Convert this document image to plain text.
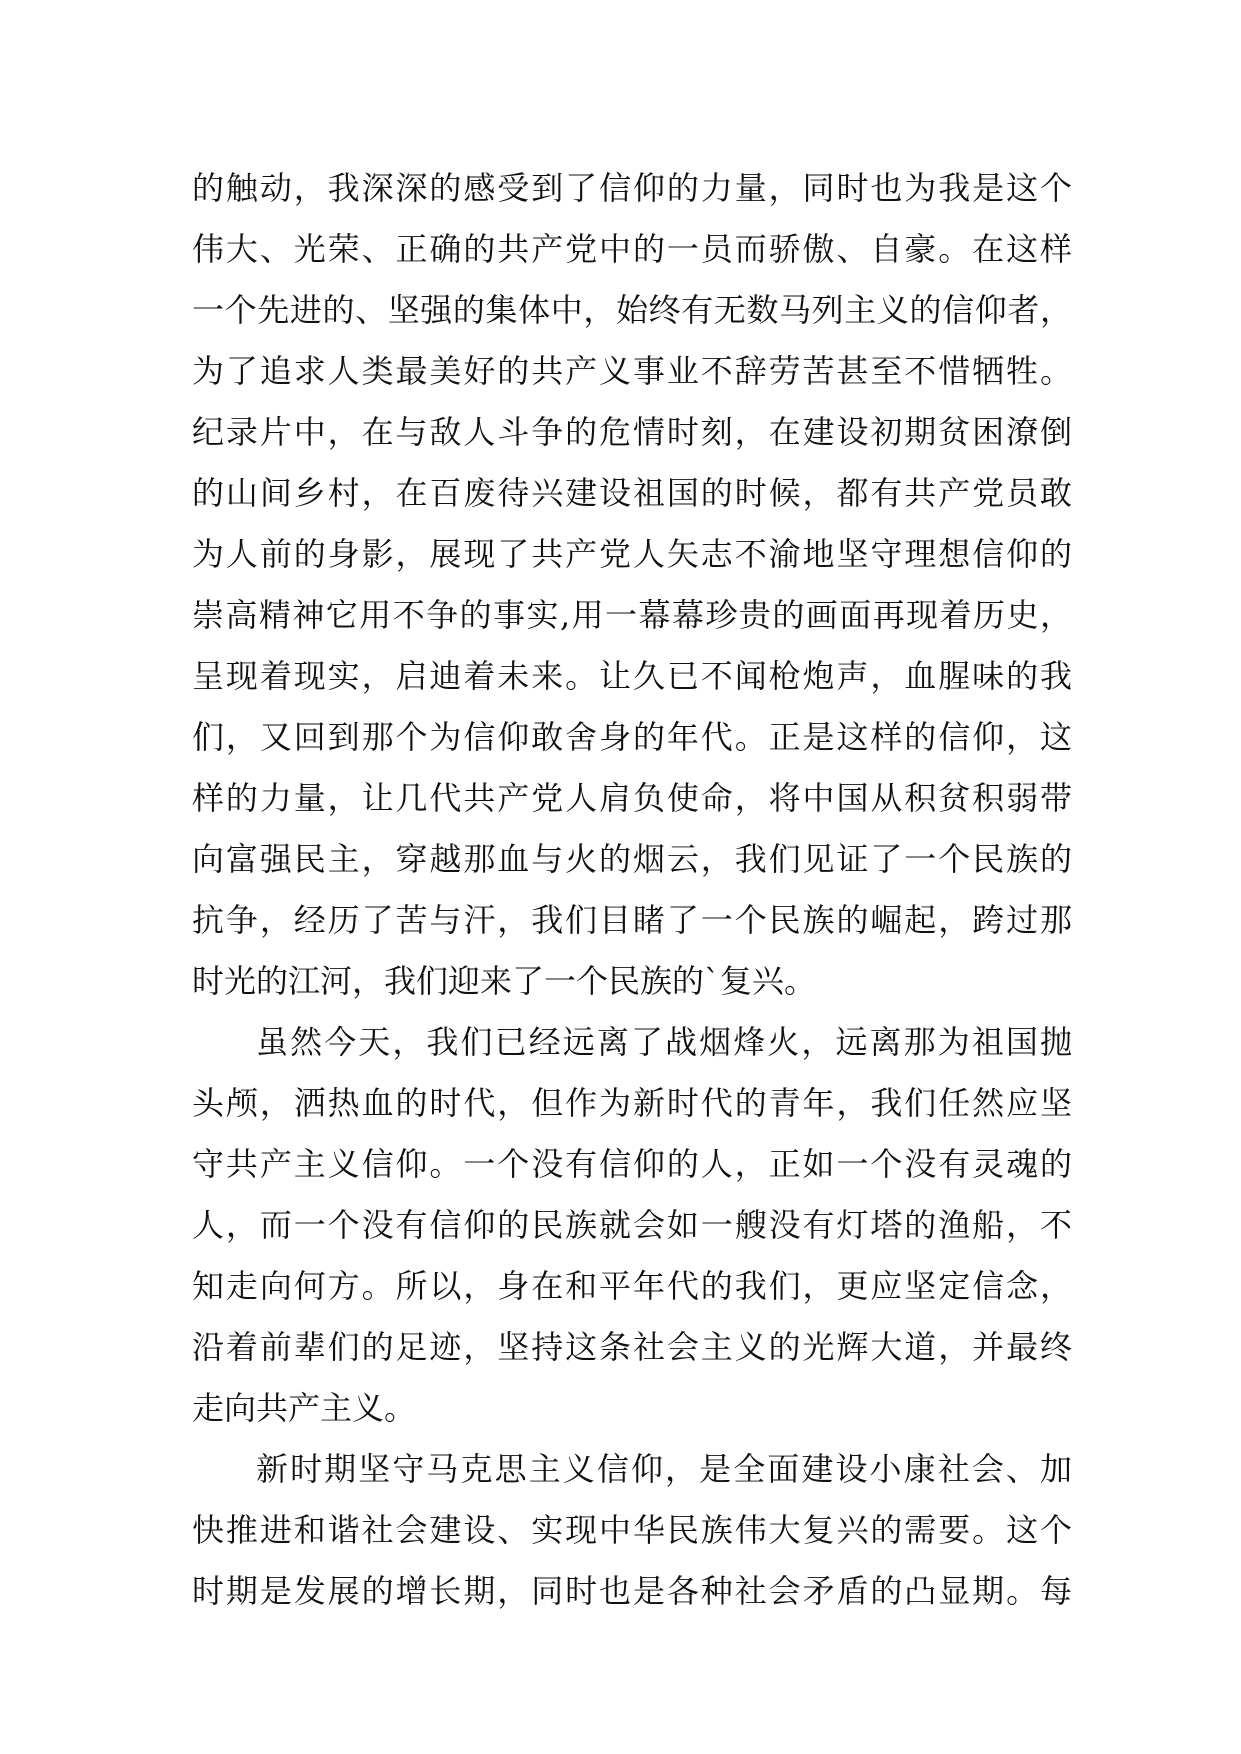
的触动，我深深的感受到了信仰的力量，同时也为我是这个
伟大、光荣、正确的共产党中的一员而骄傲、自豪。在这样
一个先进的、坚强的集体中，始终有无数马列主义的信仰者，
为了追求人类最美好的共产义事业不辞劳苦甚至不惜牺牲。
纪录片中，在与敌人斗争的危情时刻，在建设初期贫困潦倒
的山间乡村，在百废待兴建设祖国的时候，都有共产党员敢
为人前的身影，展现了共产党人矢志不渝地坚守理想信仰的
崇高精神它用不争的事实,用一幕幕珍贵的画面再现着历史，
呈现着现实，启迪着未来。让久已不闻枪炮声，血腥味的我
们，又回到那个为信仰敢舍身的年代。正是这样的信仰，这
样的力量，让几代共产党人肩负使命，将中国从积贫积弱带
向富强民主，穿越那血与火的烟云，我们见证了一个民族的
抗争，经历了苦与汗，我们目睹了一个民族的崛起，跨过那
时光的江河，我们迎来了一个民族的`复兴。
虽然今天，我们已经远离了战烟烽火，远离那为祖国抛
头颅，洒热血的时代，但作为新时代的青年，我们任然应坚
守共产主义信仰。一个没有信仰的人，正如一个没有灵魂的
人，而一个没有信仰的民族就会如一艘没有灯塔的渔船，不
知走向何方。所以，身在和平年代的我们，更应坚定信念，
沿着前辈们的足迹，坚持这条社会主义的光辉大道，并最终
走向共产主义。
新时期坚守马克思主义信仰，是全面建设小康社会、加
快推进和谐社会建设、实现中华民族伟大复兴的需要。这个
时期是发展的增长期，同时也是各种社会矛盾的凸显期。每
